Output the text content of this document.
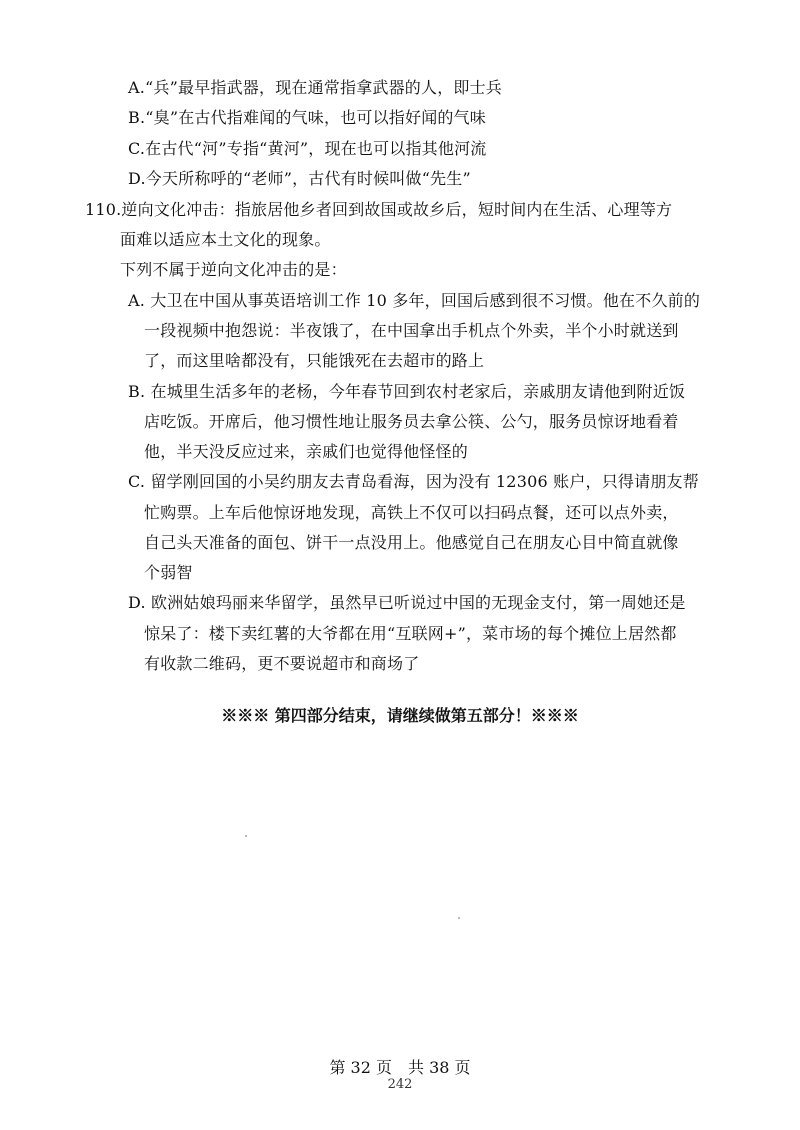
A.“兵”最早指武器，现在通常指拿武器的人，即士兵
B.“臭”在古代指难闻的气味，也可以指好闻的气味
C.在古代“河”专指“黄河”，现在也可以指其他河流
D.今天所称呼的“老师”，古代有时候叫做“先生”
110.逆向文化冲击：指旅居他乡者回到故国或故乡后，短时间内在生活、心理等方
面难以适应本土文化的现象。
下列不属于逆向文化冲击的是：
A. 大卫在中国从事英语培训工作 10 多年，回国后感到很不习惯。他在不久前的
一段视频中抱怨说：半夜饿了，在中国拿出手机点个外卖，半个小时就送到
了，而这里啥都没有，只能饿死在去超市的路上
B. 在城里生活多年的老杨，今年春节回到农村老家后，亲戚朋友请他到附近饭
店吃饭。开席后，他习惯性地让服务员去拿公筷、公勺，服务员惊讶地看着
他，半天没反应过来，亲戚们也觉得他怪怪的
C. 留学刚回国的小吴约朋友去青岛看海，因为没有 12306 账户，只得请朋友帮
忙购票。上车后他惊讶地发现，高铁上不仅可以扫码点餐，还可以点外卖，
自己头天准备的面包、饼干一点没用上。他感觉自己在朋友心目中简直就像
个弱智
D. 欧洲姑娘玛丽来华留学，虽然早已听说过中国的无现金支付，第一周她还是
惊呆了：楼下卖红薯的大爷都在用“互联网+”，菜市场的每个摊位上居然都
有收款二维码，更不要说超市和商场了
※※※ 第四部分结束，请继续做第五部分！※※※
第 32 页　共 38 页
242
